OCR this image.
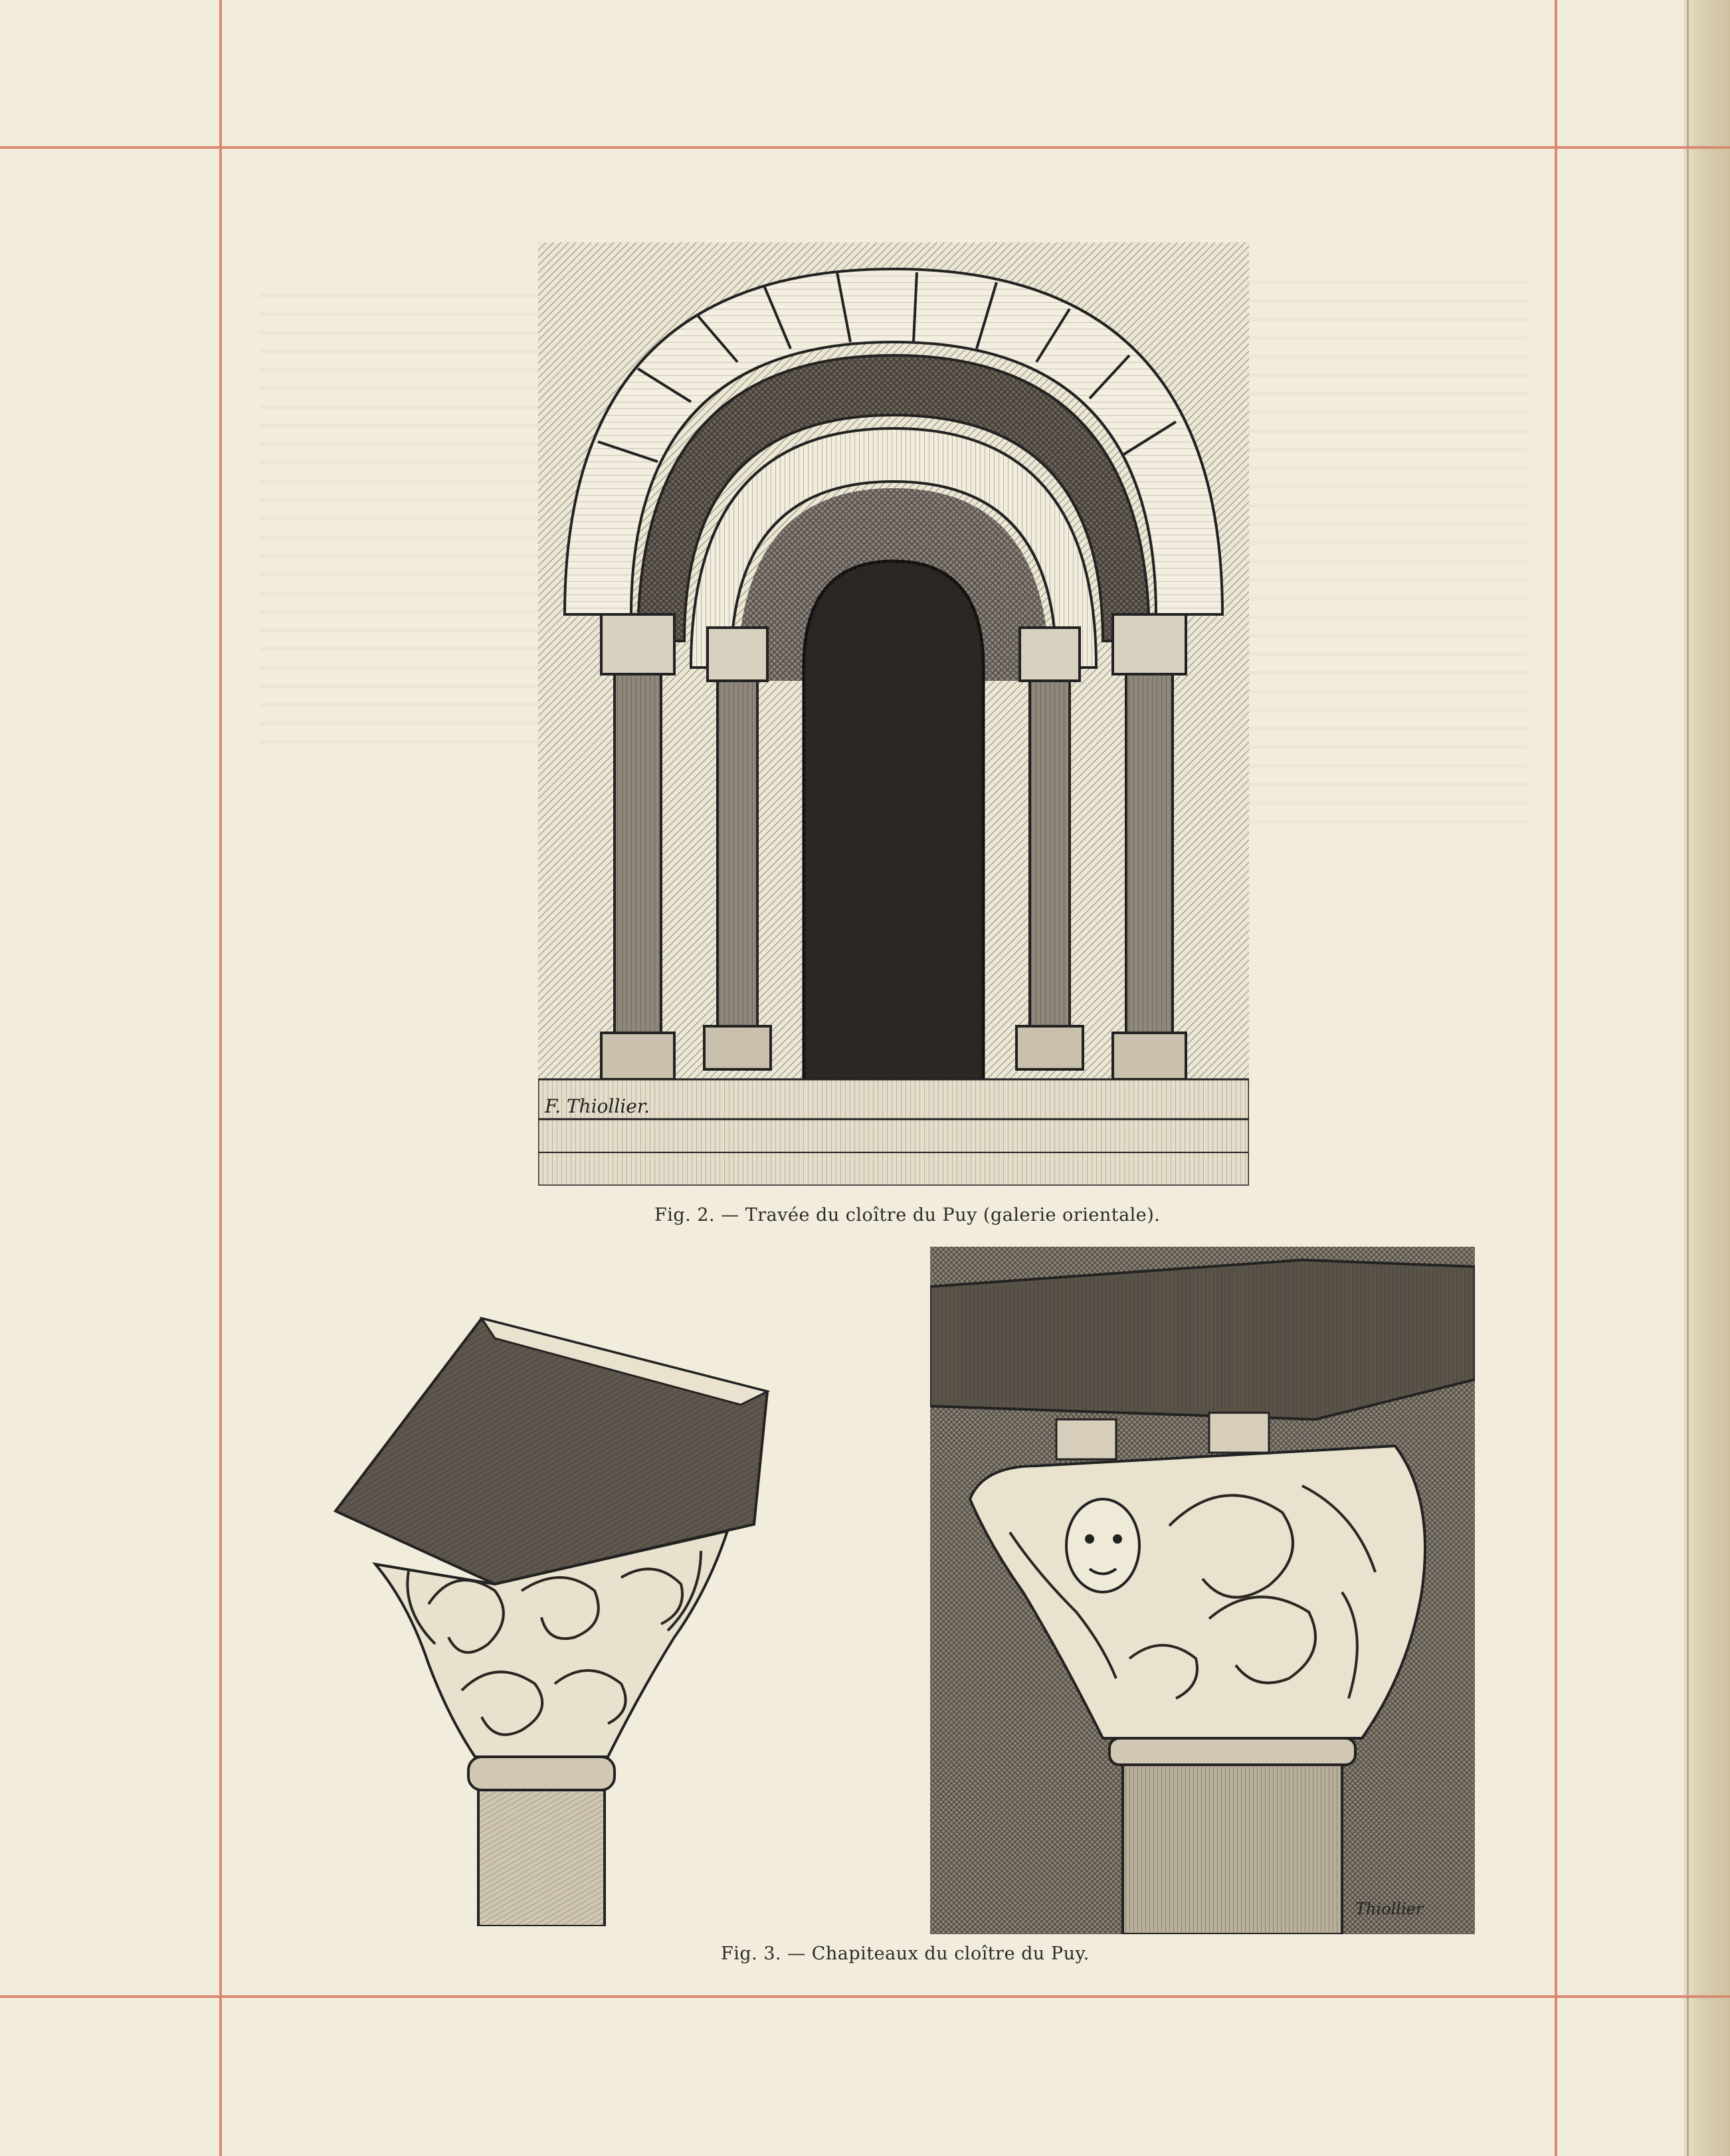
F. Thiollier.
Fig. 2. — Travée du cloître du Puy (galerie orientale).
Thiollier
Fig. 3. — Chapiteaux du cloître du Puy.
